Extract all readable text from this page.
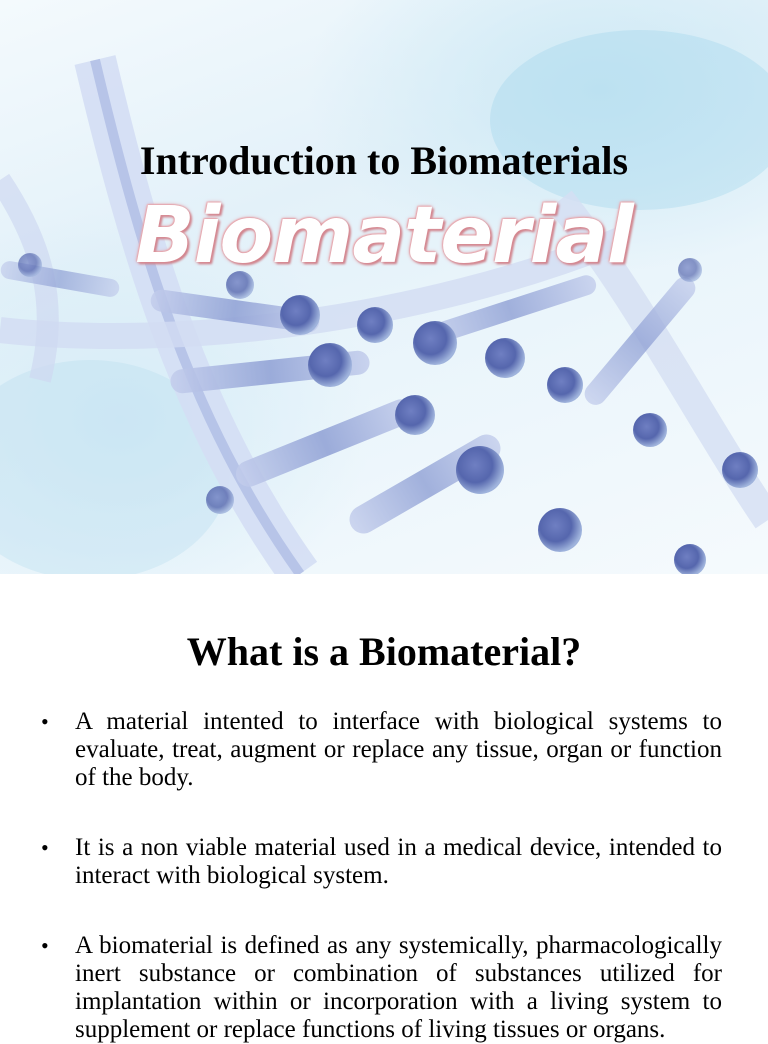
Introduction to Biomaterials
Biomaterial
What is a Biomaterial?
• A material intented to interface with biological systems to evaluate, treat, augment or replace any tissue, organ or function of the body.
• It is a non viable material used in a medical device, intended to interact with biological system.
• A biomaterial is defined as any systemically, pharmacologically inert substance or combination of substances utilized for implantation within or incorporation with a living system to supplement or replace functions of living tissues or organs.
